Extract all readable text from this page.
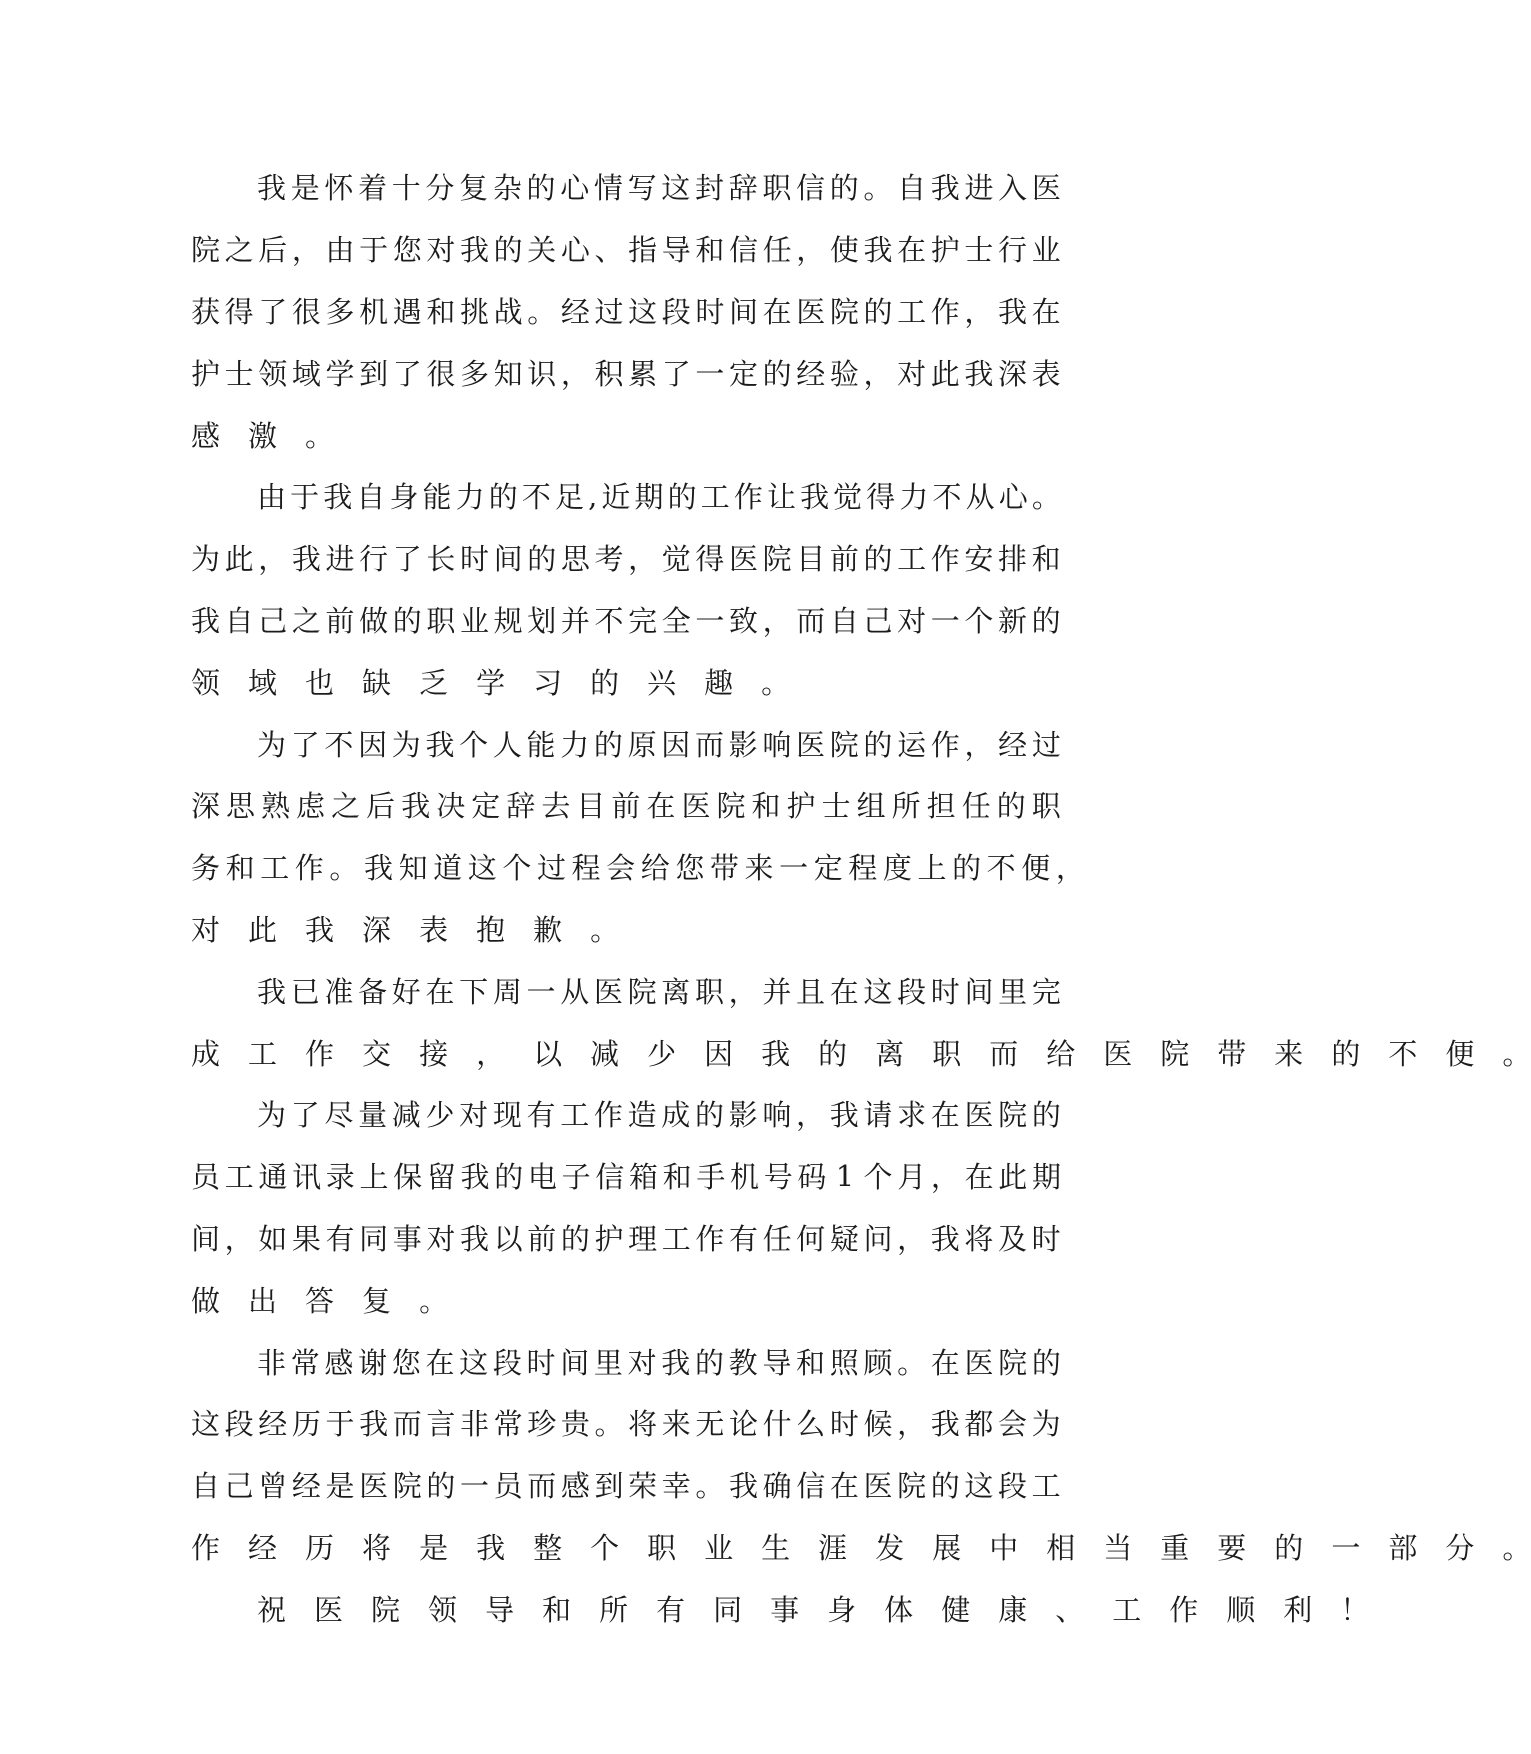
我 是 怀 着 十 分 复 杂 的 心 情 写 这 封 辞 职 信 的 。 自 我 进 入 医
院 之 后 ， 由 于 您 对 我 的 关 心 、 指 导 和 信 任 ， 使 我 在 护 士 行 业
获 得 了 很 多 机 遇 和 挑 战 。 经 过 这 段 时 间 在 医 院 的 工 作 ， 我 在
护 士 领 域 学 到 了 很 多 知 识 ， 积 累 了 一 定 的 经 验 ， 对 此 我 深 表
感 激 。
由 于 我 自 身 能 力 的 不 足 , 近 期 的 工 作 让 我 觉 得 力 不 从 心 。
为 此 ， 我 进 行 了 长 时 间 的 思 考 ， 觉 得 医 院 目 前 的 工 作 安 排 和
我 自 己 之 前 做 的 职 业 规 划 并 不 完 全 一 致 ， 而 自 己 对 一 个 新 的
领 域 也 缺 乏 学 习 的 兴 趣 。
为 了 不 因 为 我 个 人 能 力 的 原 因 而 影 响 医 院 的 运 作 ， 经 过
深 思 熟 虑 之 后 我 决 定 辞 去 目 前 在 医 院 和 护 士 组 所 担 任 的 职
务 和 工 作 。 我 知 道 这 个 过 程 会 给 您 带 来 一 定 程 度 上 的 不 便 ，
对 此 我 深 表 抱 歉 。
我 已 准 备 好 在 下 周 一 从 医 院 离 职 ， 并 且 在 这 段 时 间 里 完
成 工 作 交 接 ， 以 减 少 因 我 的 离 职 而 给 医 院 带 来 的 不 便 。
为 了 尽 量 减 少 对 现 有 工 作 造 成 的 影 响 ， 我 请 求 在 医 院 的
员 工 通 讯 录 上 保 留 我 的 电 子 信 箱 和 手 机 号 码 1 个 月 ， 在 此 期
间 ， 如 果 有 同 事 对 我 以 前 的 护 理 工 作 有 任 何 疑 问 ， 我 将 及 时
做 出 答 复 。
非 常 感 谢 您 在 这 段 时 间 里 对 我 的 教 导 和 照 顾 。 在 医 院 的
这 段 经 历 于 我 而 言 非 常 珍 贵 。 将 来 无 论 什 么 时 候 ， 我 都 会 为
自 己 曾 经 是 医 院 的 一 员 而 感 到 荣 幸 。 我 确 信 在 医 院 的 这 段 工
作 经 历 将 是 我 整 个 职 业 生 涯 发 展 中 相 当 重 要 的 一 部 分 。
祝 医 院 领 导 和 所 有 同 事 身 体 健 康 、 工 作 顺 利 ！
